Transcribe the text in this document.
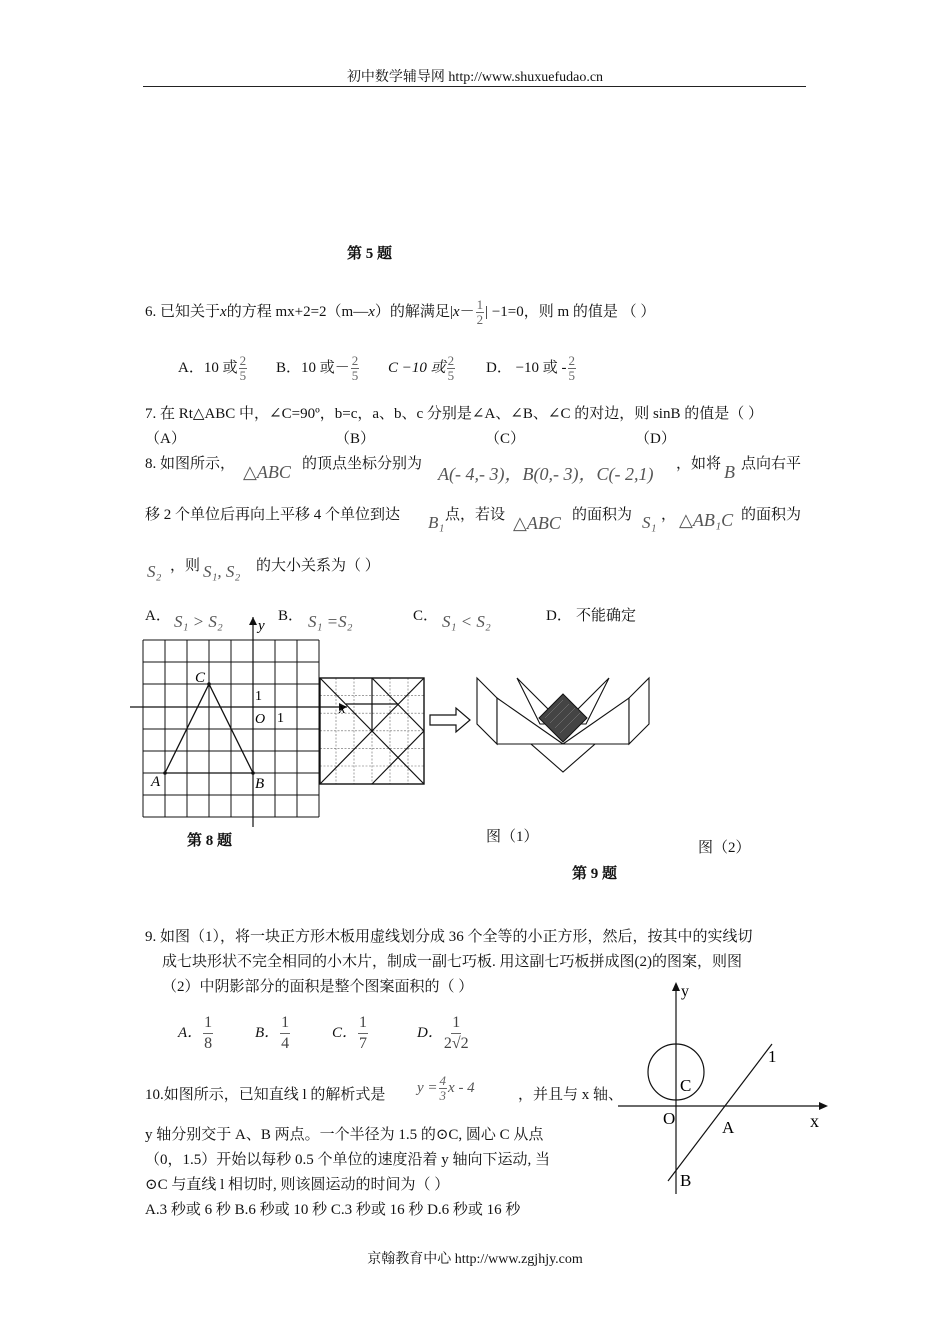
初中数学辅导网 http://www.shuxuefudao.cn
第 5 题
6. 已知关于x的方程 mx+2=2（m—x）的解满足$|x- \frac{1}{2}$ | −1=0，则 m 的值是 （ ）
A．10 或 $\frac{2}{5}$ B．10 或－ $\frac{2}{5}$ C −10 或 $\frac{2}{5}$ D． −10 或 - $\frac{2}{5}$
7. 在 Rt△ABC 中，∠C=90º，b=c，a、b、c 分别是∠A、∠B、∠C 的对边，则 sinB 的值是（ ）
（A）	（B）	（C）	（D）
8. 如图所示， △ABC 的顶点坐标分别为 A(- 4,- 3)，B(0,- 3)，C(- 2,1) ，如将 B 点向右平
移 2 个单位后再向上平移 4 个单位到达 B₁ 点，若设 △ABC 的面积为 S₁ ， △AB₁C 的面积为
S₂ ，则 S₁, S₂ 的大小关系为（ ）
A． S₁ > S₂	B． S₁ =S₂	C． S₁ < S₂	D． 不能确定
y
x
C
1
O 1
A	B
第 8 题	图（1）
图（2）
第 9 题
9. 如图（1），将一块正方形木板用虚线划分成 36 个全等的小正方形，然后，按其中的实线切
成七块形状不完全相同的小木片，制成一副七巧板. 用这副七巧板拼成图(2)的图案，则图
（2）中阴影部分的面积是整个图案面积的（ ）
A． $\frac{1}{8}$	B． $\frac{1}{4}$	C． $\frac{1}{7}$	D． $\frac{1}{2√2}$
y
x
O
C
A
B
1
10.如图所示，已知直线 l 的解析式是 $y = \frac{4}{3}$ x - 4	，并且与 x 轴、
y 轴分别交于 A、B 两点。一个半径为 1.5 的⊙C, 圆心 C 从点
（0，1.5）开始以每秒 0.5 个单位的速度沿着 y 轴向下运动, 当
⊙C 与直线 l 相切时, 则该圆运动的时间为（ ）
A.3 秒或 6 秒 B.6 秒或 10 秒 C.3 秒或 16 秒 D.6 秒或 16 秒
京翰教育中心 http://www.zgjhjy.com
